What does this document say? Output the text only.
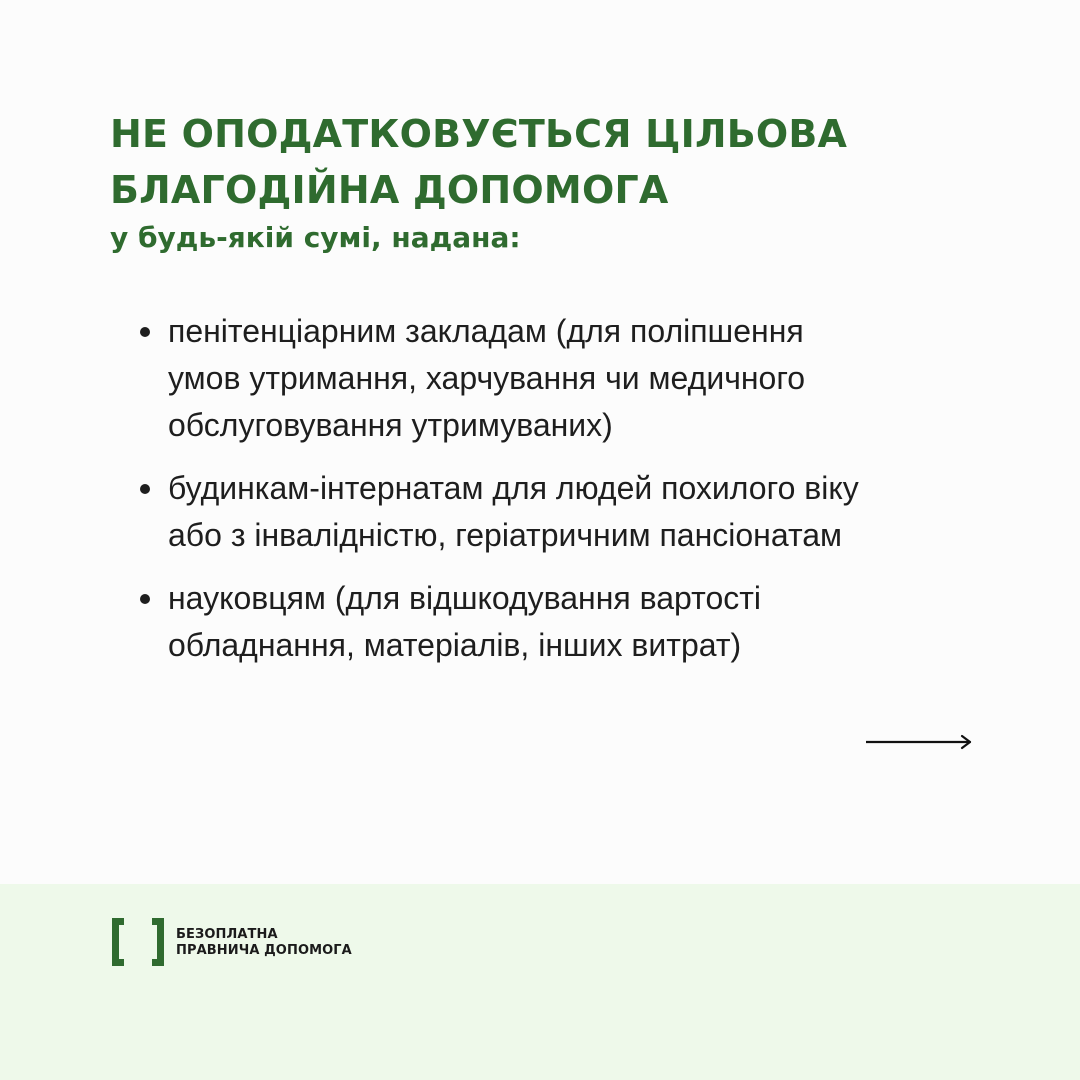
НЕ ОПОДАТКОВУЄТЬСЯ ЦІЛЬОВА
БЛАГОДІЙНА ДОПОМОГА
у будь-якій сумі, надана:
пенітенціарним закладам (для поліпшення
умов утримання, харчування чи медичного
обслуговування утримуваних)
будинкам-інтернатам для людей похилого віку
або з інвалідністю, геріатричним пансіонатам
науковцям (для відшкодування вартості
обладнання, матеріалів, інших витрат)
БЕЗОПЛАТНА
ПРАВНИЧА ДОПОМОГА
